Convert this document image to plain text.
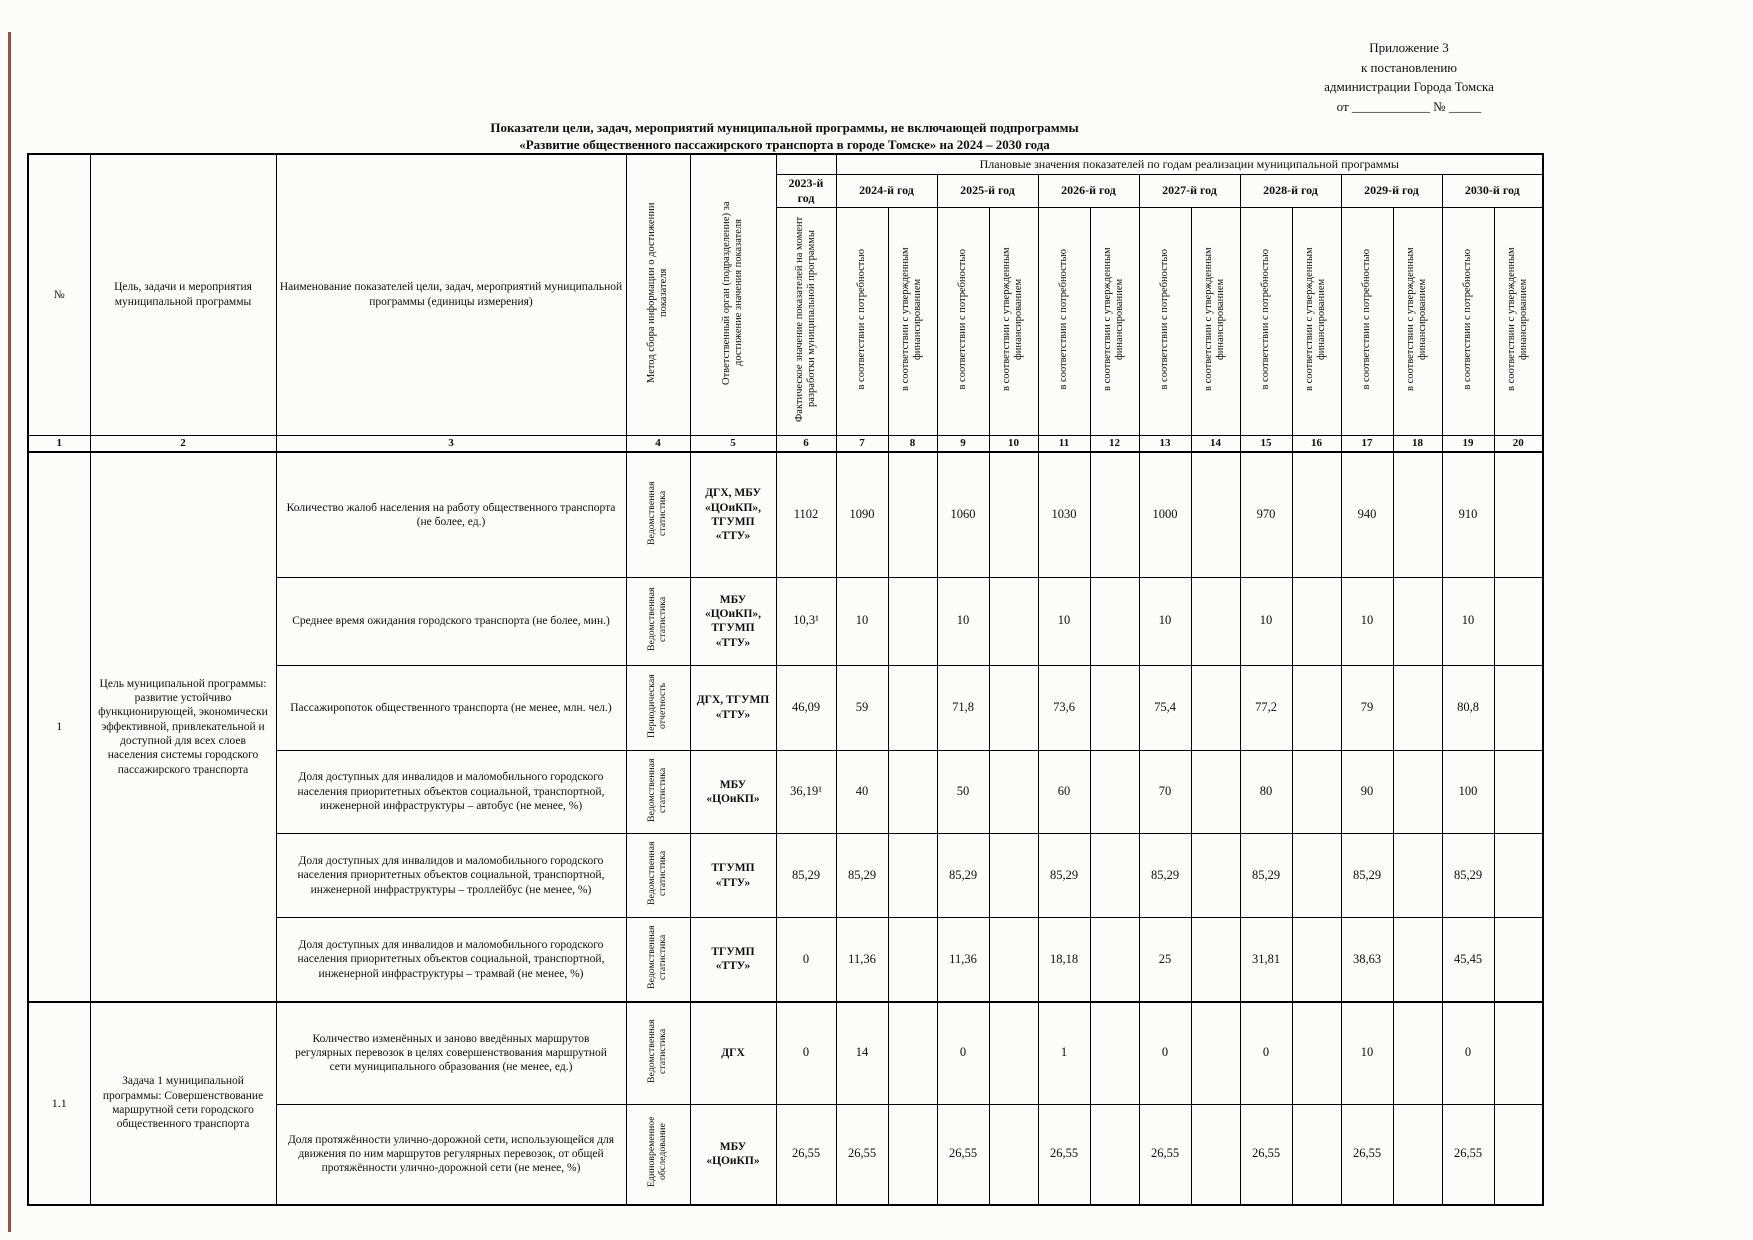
Приложение 3
к постановлению
администрации Города Томска
от ____________ № _____
Показатели цели, задач, мероприятий муниципальной программы, не включающей подпрограммы
«Развитие общественного пассажирского транспорта в городе Томске» на 2024 – 2030 года
№	Цель, задачи и мероприятия муниципальной программы	Наименование показателей цели, задач, мероприятий муниципальной программы (единицы измерения)	Метод сбора информации о достижении показателя	Ответственный орган (подразделение) за достижение значения показателя		Плановые значения показателей по годам реализации муниципальной программы													
					2023-й год	2024-й год		2025-й год		2026-й год		2027-й год		2028-й год		2029-й год		2030-й год	
					Фактическое значение показателей на момент разработки муниципальной программы	в соответствии с потребностью	в соответствии с утвержденным финансированием	в соответствии с потребностью	в соответствии с утвержденным финансированием	в соответствии с потребностью	в соответствии с утвержденным финансированием	в соответствии с потребностью	в соответствии с утвержденным финансированием	в соответствии с потребностью	в соответствии с утвержденным финансированием	в соответствии с потребностью	в соответствии с утвержденным финансированием	в соответствии с потребностью	в соответствии с утвержденным финансированием
1	2	3	4	5	6	7	8	9	10	11	12	13	14	15	16	17	18	19	20
1	Цель муниципальной программы: развитие устойчиво функционирующей, экономически эффективной, привлекательной и доступной для всех слоев населения системы городского пассажирского транспорта	Количество жалоб населения на работу общественного транспорта (не более, ед.)	Ведомственная статистика	ДГХ, МБУ «ЦОиКП», ТГУМП «ТТУ»	1102	1090		1060		1030		1000		970		940		910	
		Среднее время ожидания городского транспорта (не более, мин.)	Ведомственная статистика	МБУ «ЦОиКП», ТГУМП «ТТУ»	10,3¹	10		10		10		10		10		10		10	
		Пассажиропоток общественного транспорта (не менее, млн. чел.)	Периодическая отчетность	ДГХ, ТГУМП «ТТУ»	46,09	59		71,8		73,6		75,4		77,2		79		80,8	
		Доля доступных для инвалидов и маломобильного городского населения приоритетных объектов социальной, транспортной, инженерной инфраструктуры – автобус (не менее, %)	Ведомственная статистика	МБУ «ЦОиКП»	36,19¹	40		50		60		70		80		90		100	
		Доля доступных для инвалидов и маломобильного городского населения приоритетных объектов социальной, транспортной, инженерной инфраструктуры – троллейбус (не менее, %)	Ведомственная статистика	ТГУМП «ТТУ»	85,29	85,29		85,29		85,29		85,29		85,29		85,29		85,29	
		Доля доступных для инвалидов и маломобильного городского населения приоритетных объектов социальной, транспортной, инженерной инфраструктуры – трамвай (не менее, %)	Ведомственная статистика	ТГУМП «ТТУ»	0	11,36		11,36		18,18		25		31,81		38,63		45,45	
1.1	Задача 1 муниципальной программы: Совершенствование маршрутной сети городского общественного транспорта	Количество изменённых и заново введённых маршрутов регулярных перевозок в целях совершенствования маршрутной сети муниципального образования (не менее, ед.)	Ведомственная статистика	ДГХ	0	14		0		1		0		0		10		0	
		Доля протяжённости улично-дорожной сети, использующейся для движения по ним маршрутов регулярных перевозок, от общей протяжённости улично-дорожной сети (не менее, %)	Единовременное обследование	МБУ «ЦОиКП»	26,55	26,55		26,55		26,55		26,55		26,55		26,55		26,55	
